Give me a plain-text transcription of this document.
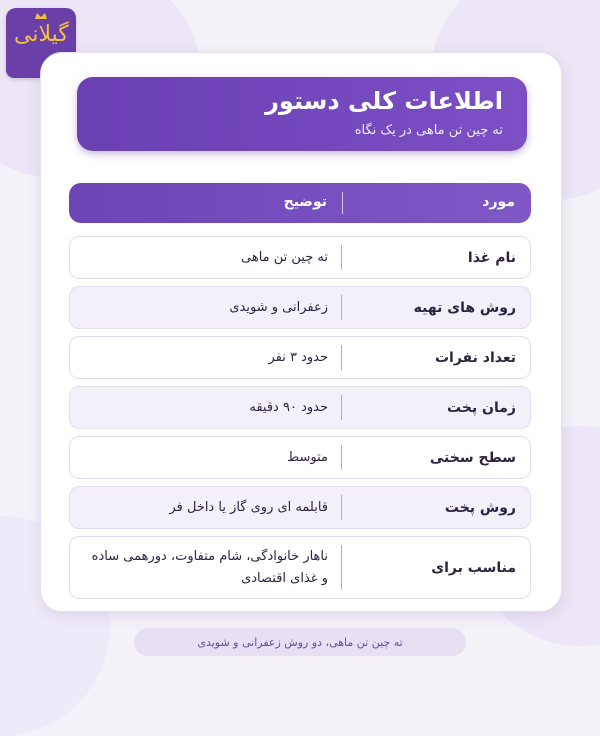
گیلانی
اطلاعات کلی دستور
ته چین تن ماهی در یک نگاه
مورد
توضیح
نام غذا
ته چین تن ماهی
روش های تهیه
زعفرانی و شویدی
تعداد نفرات
حدود ۳ نفر
زمان پخت
حدود ۹۰ دقیقه
سطح سختی
متوسط
روش پخت
قابلمه ای روی گاز یا داخل فر
مناسب برای
ناهار خانوادگی، شام متفاوت، دورهمی ساده و غذای اقتصادی
ته چین تن ماهی، دو روش زعفرانی و شویدی
